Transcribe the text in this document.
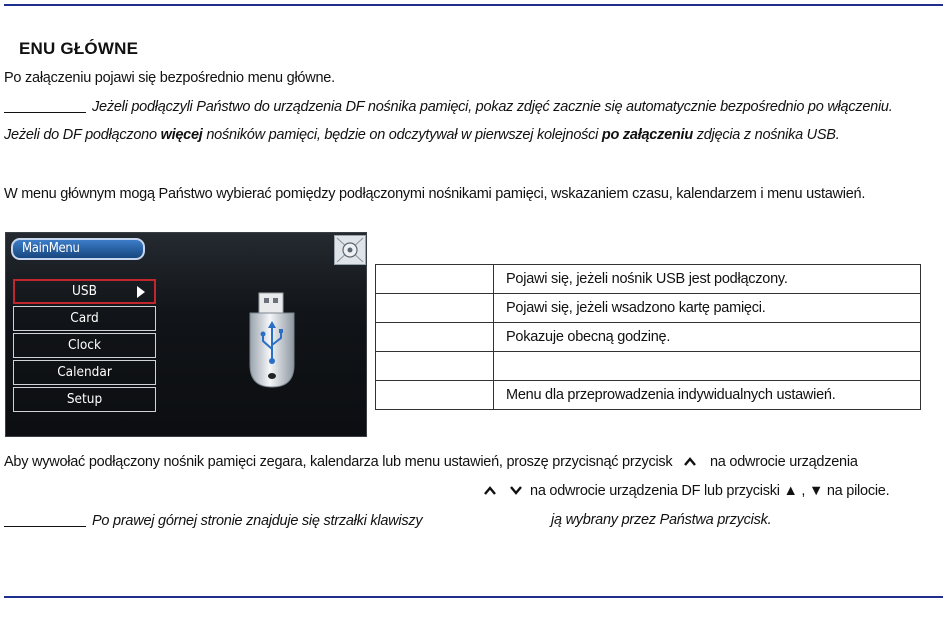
ENU GŁÓWNE
Po załączeniu pojawi się bezpośrednio menu główne.
Jeżeli podłączyli Państwo do urządzenia DF nośnika pamięci, pokaz zdjęć zacznie się automatycznie bezpośrednio po włączeniu.
Jeżeli do DF podłączono więcej nośników pamięci, będzie on odczytywał w pierwszej kolejności po załączeniu zdjęcia z nośnika USB.
W menu głównym mogą Państwo wybierać pomiędzy podłączonymi nośnikami pamięci, wskazaniem czasu, kalendarzem i menu ustawień.
MainMenu
USB
Card
Clock
Calendar
Setup
	Pojawi się, jeżeli nośnik USB jest podłączony.
	Pojawi się, jeżeli wsadzono kartę pamięci.
	Pokazuje obecną godzinę.

	Menu dla przeprowadzenia indywidualnych ustawień.
Aby wywołać podłączony nośnik pamięci zegara, kalendarza lub menu ustawień, proszę przycisnąć przycisk	na odwrocie urządzenia
na odwrocie urządzenia DF lub przyciski ▲ , ▼ na pilocie.
Po prawej górnej stronie znajduje się strzałki klawiszy	ją wybrany przez Państwa przycisk.
